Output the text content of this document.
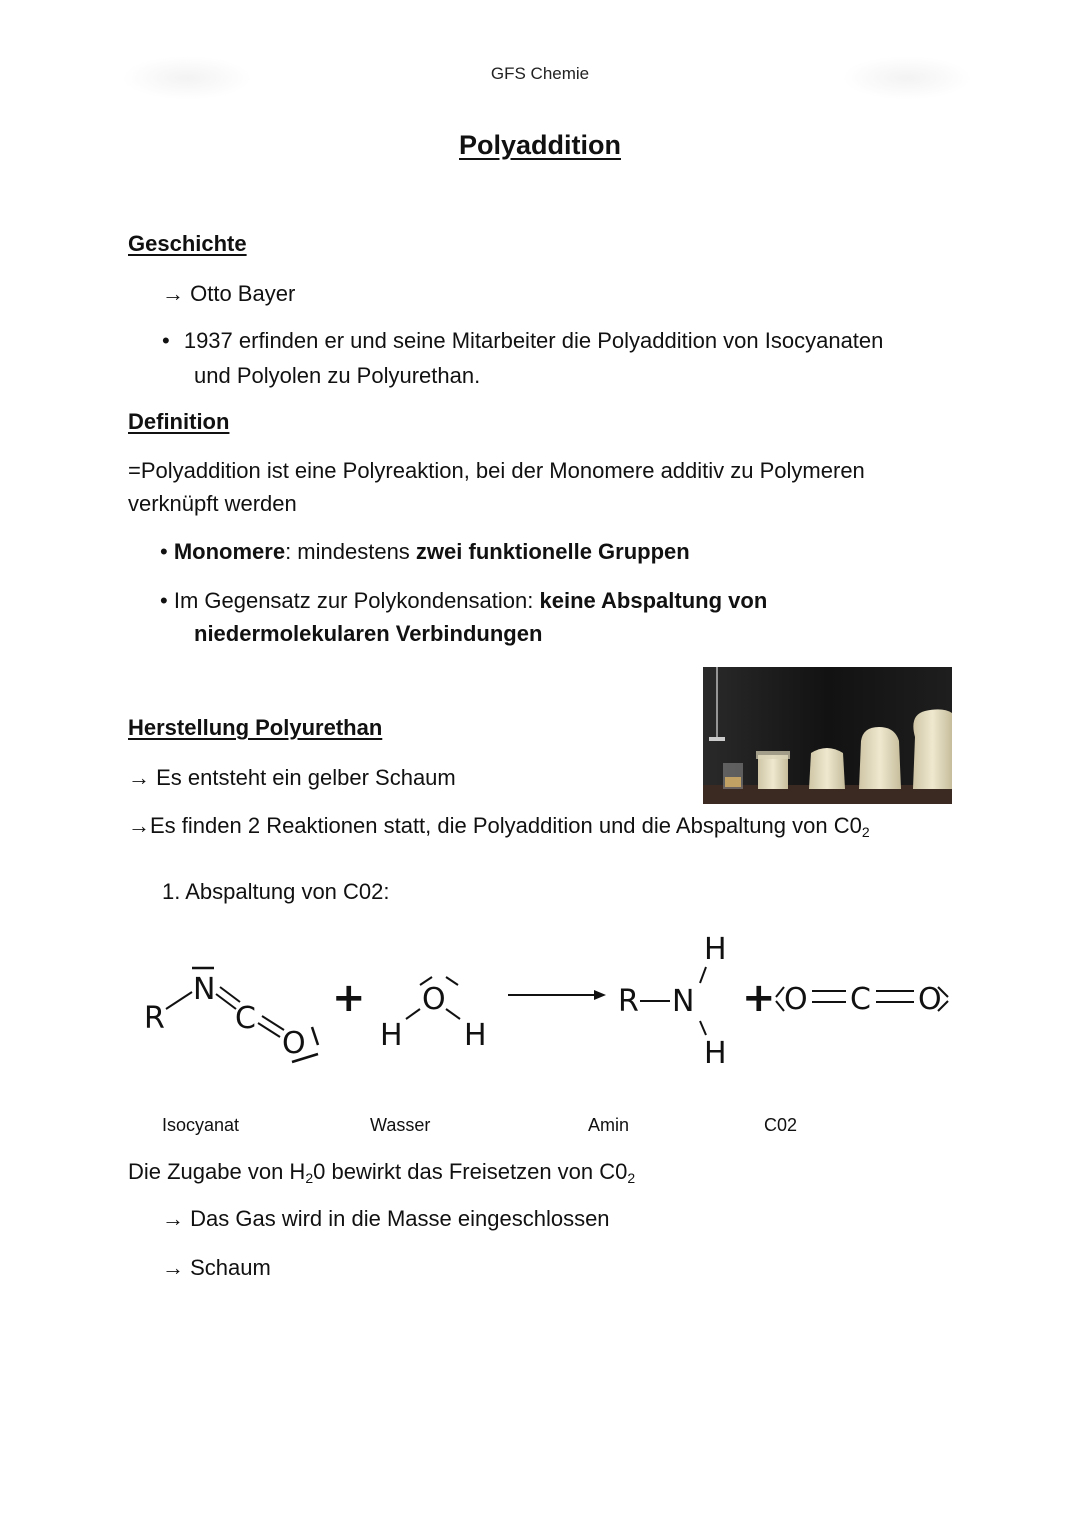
GFS Chemie
Polyaddition
Geschichte
→ Otto Bayer
• 1937 erfinden er und seine Mitarbeiter die Polyaddition von Isocyanaten
und Polyolen zu Polyurethan.
Definition
=Polyaddition ist eine Polyreaktion, bei der Monomere additiv zu Polymeren
verknüpft werden
• Monomere: mindestens zwei funktionelle Gruppen
• Im Gegensatz zur Polykondensation: keine Abspaltung von
niedermolekularen Verbindungen
Herstellung Polyurethan
→ Es entsteht ein gelber Schaum
→Es finden 2 Reaktionen statt, die Polyaddition und die Abspaltung von $C0_2$
1. Abspaltung von C02:
R
N
C
O
+ O
H H
R N
H
H
+ O C O
Isocyanat	Wasser	Amin	C02
Die Zugabe von $H_20$ bewirkt das Freisetzen von $C0_2$
→ Das Gas wird in die Masse eingeschlossen
→ Schaum
